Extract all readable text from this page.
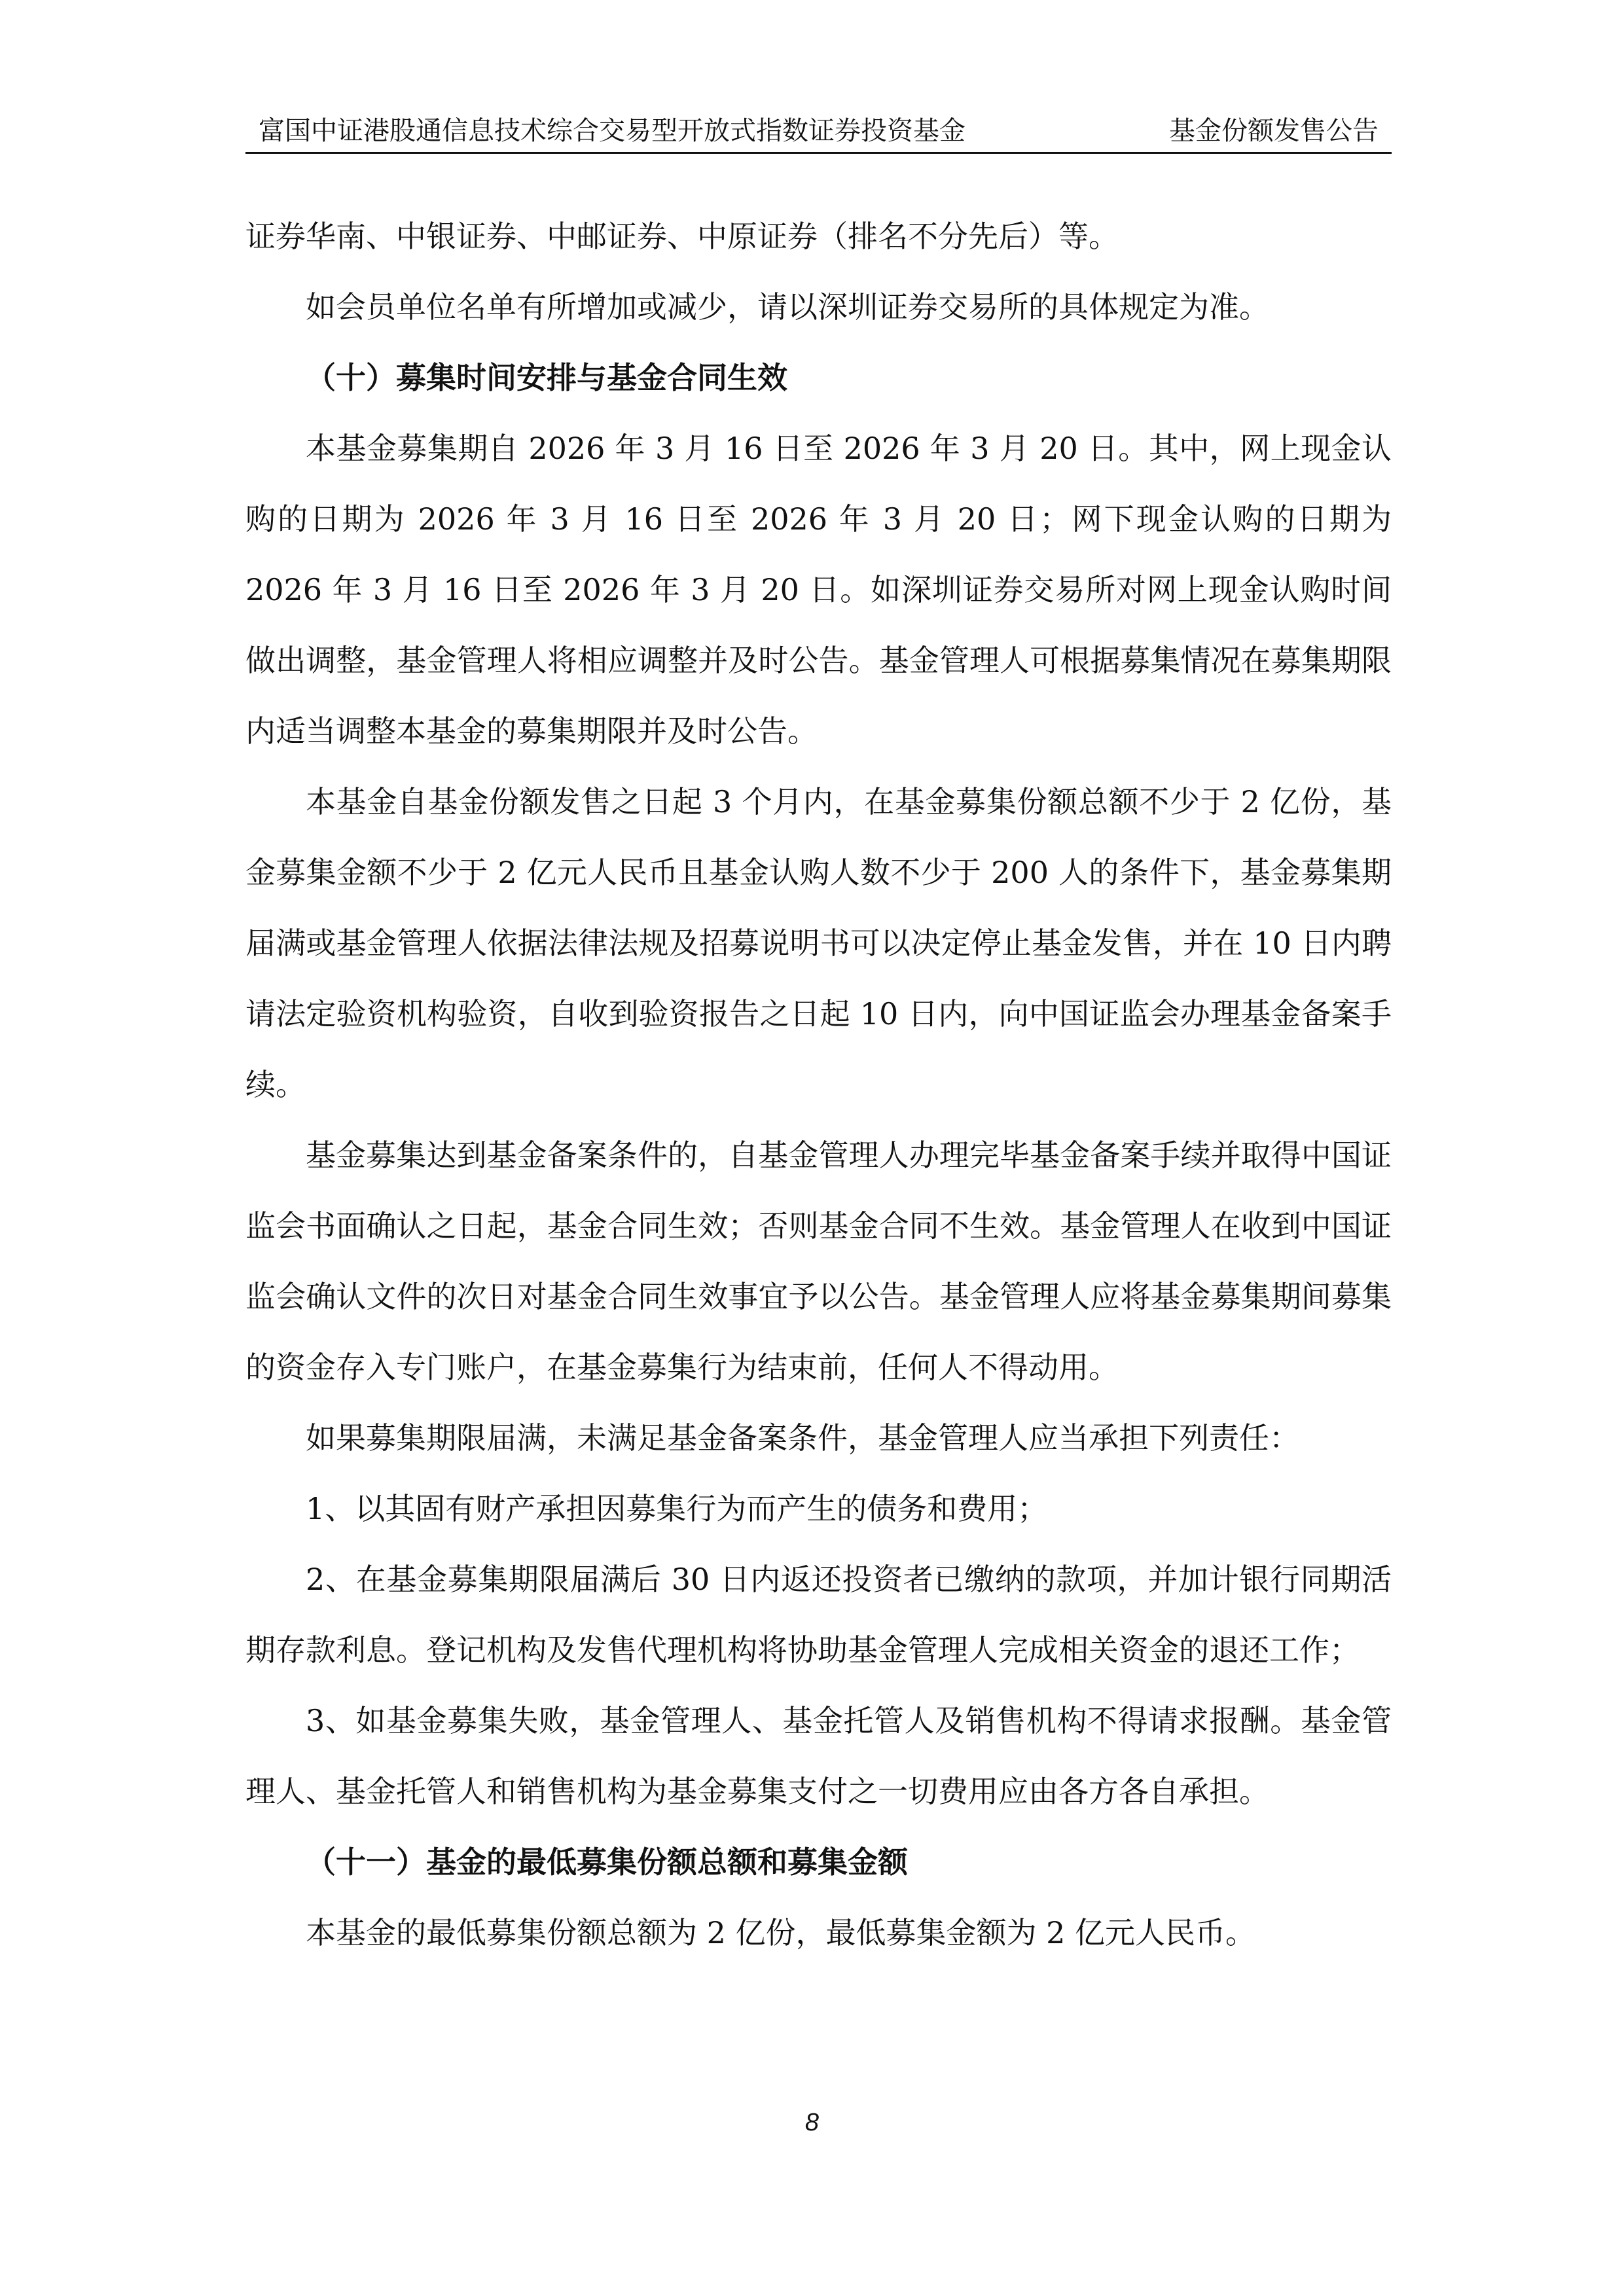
富国中证港股通信息技术综合交易型开放式指数证券投资基金	基金份额发售公告

证券华南、中银证券、中邮证券、中原证券（排名不分先后）等。

如会员单位名单有所增加或减少，请以深圳证券交易所的具体规定为准。

（十）募集时间安排与基金合同生效

本基金募集期自 2026 年 3 月 16 日至 2026 年 3 月 20 日。其中，网上现金认购的日期为 2026 年 3 月 16 日至 2026 年 3 月 20 日；网下现金认购的日期为 2026 年 3 月 16 日至 2026 年 3 月 20 日。如深圳证券交易所对网上现金认购时间做出调整，基金管理人将相应调整并及时公告。基金管理人可根据募集情况在募集期限内适当调整本基金的募集期限并及时公告。

本基金自基金份额发售之日起 3 个月内，在基金募集份额总额不少于 2 亿份，基金募集金额不少于 2 亿元人民币且基金认购人数不少于 200 人的条件下，基金募集期届满或基金管理人依据法律法规及招募说明书可以决定停止基金发售，并在 10 日内聘请法定验资机构验资，自收到验资报告之日起 10 日内，向中国证监会办理基金备案手续。

基金募集达到基金备案条件的，自基金管理人办理完毕基金备案手续并取得中国证监会书面确认之日起，基金合同生效；否则基金合同不生效。基金管理人在收到中国证监会确认文件的次日对基金合同生效事宜予以公告。基金管理人应将基金募集期间募集的资金存入专门账户，在基金募集行为结束前，任何人不得动用。

如果募集期限届满，未满足基金备案条件，基金管理人应当承担下列责任：

1、以其固有财产承担因募集行为而产生的债务和费用；

2、在基金募集期限届满后 30 日内返还投资者已缴纳的款项，并加计银行同期活期存款利息。登记机构及发售代理机构将协助基金管理人完成相关资金的退还工作；

3、如基金募集失败，基金管理人、基金托管人及销售机构不得请求报酬。基金管理人、基金托管人和销售机构为基金募集支付之一切费用应由各方各自承担。

（十一）基金的最低募集份额总额和募集金额

本基金的最低募集份额总额为 2 亿份，最低募集金额为 2 亿元人民币。

8
